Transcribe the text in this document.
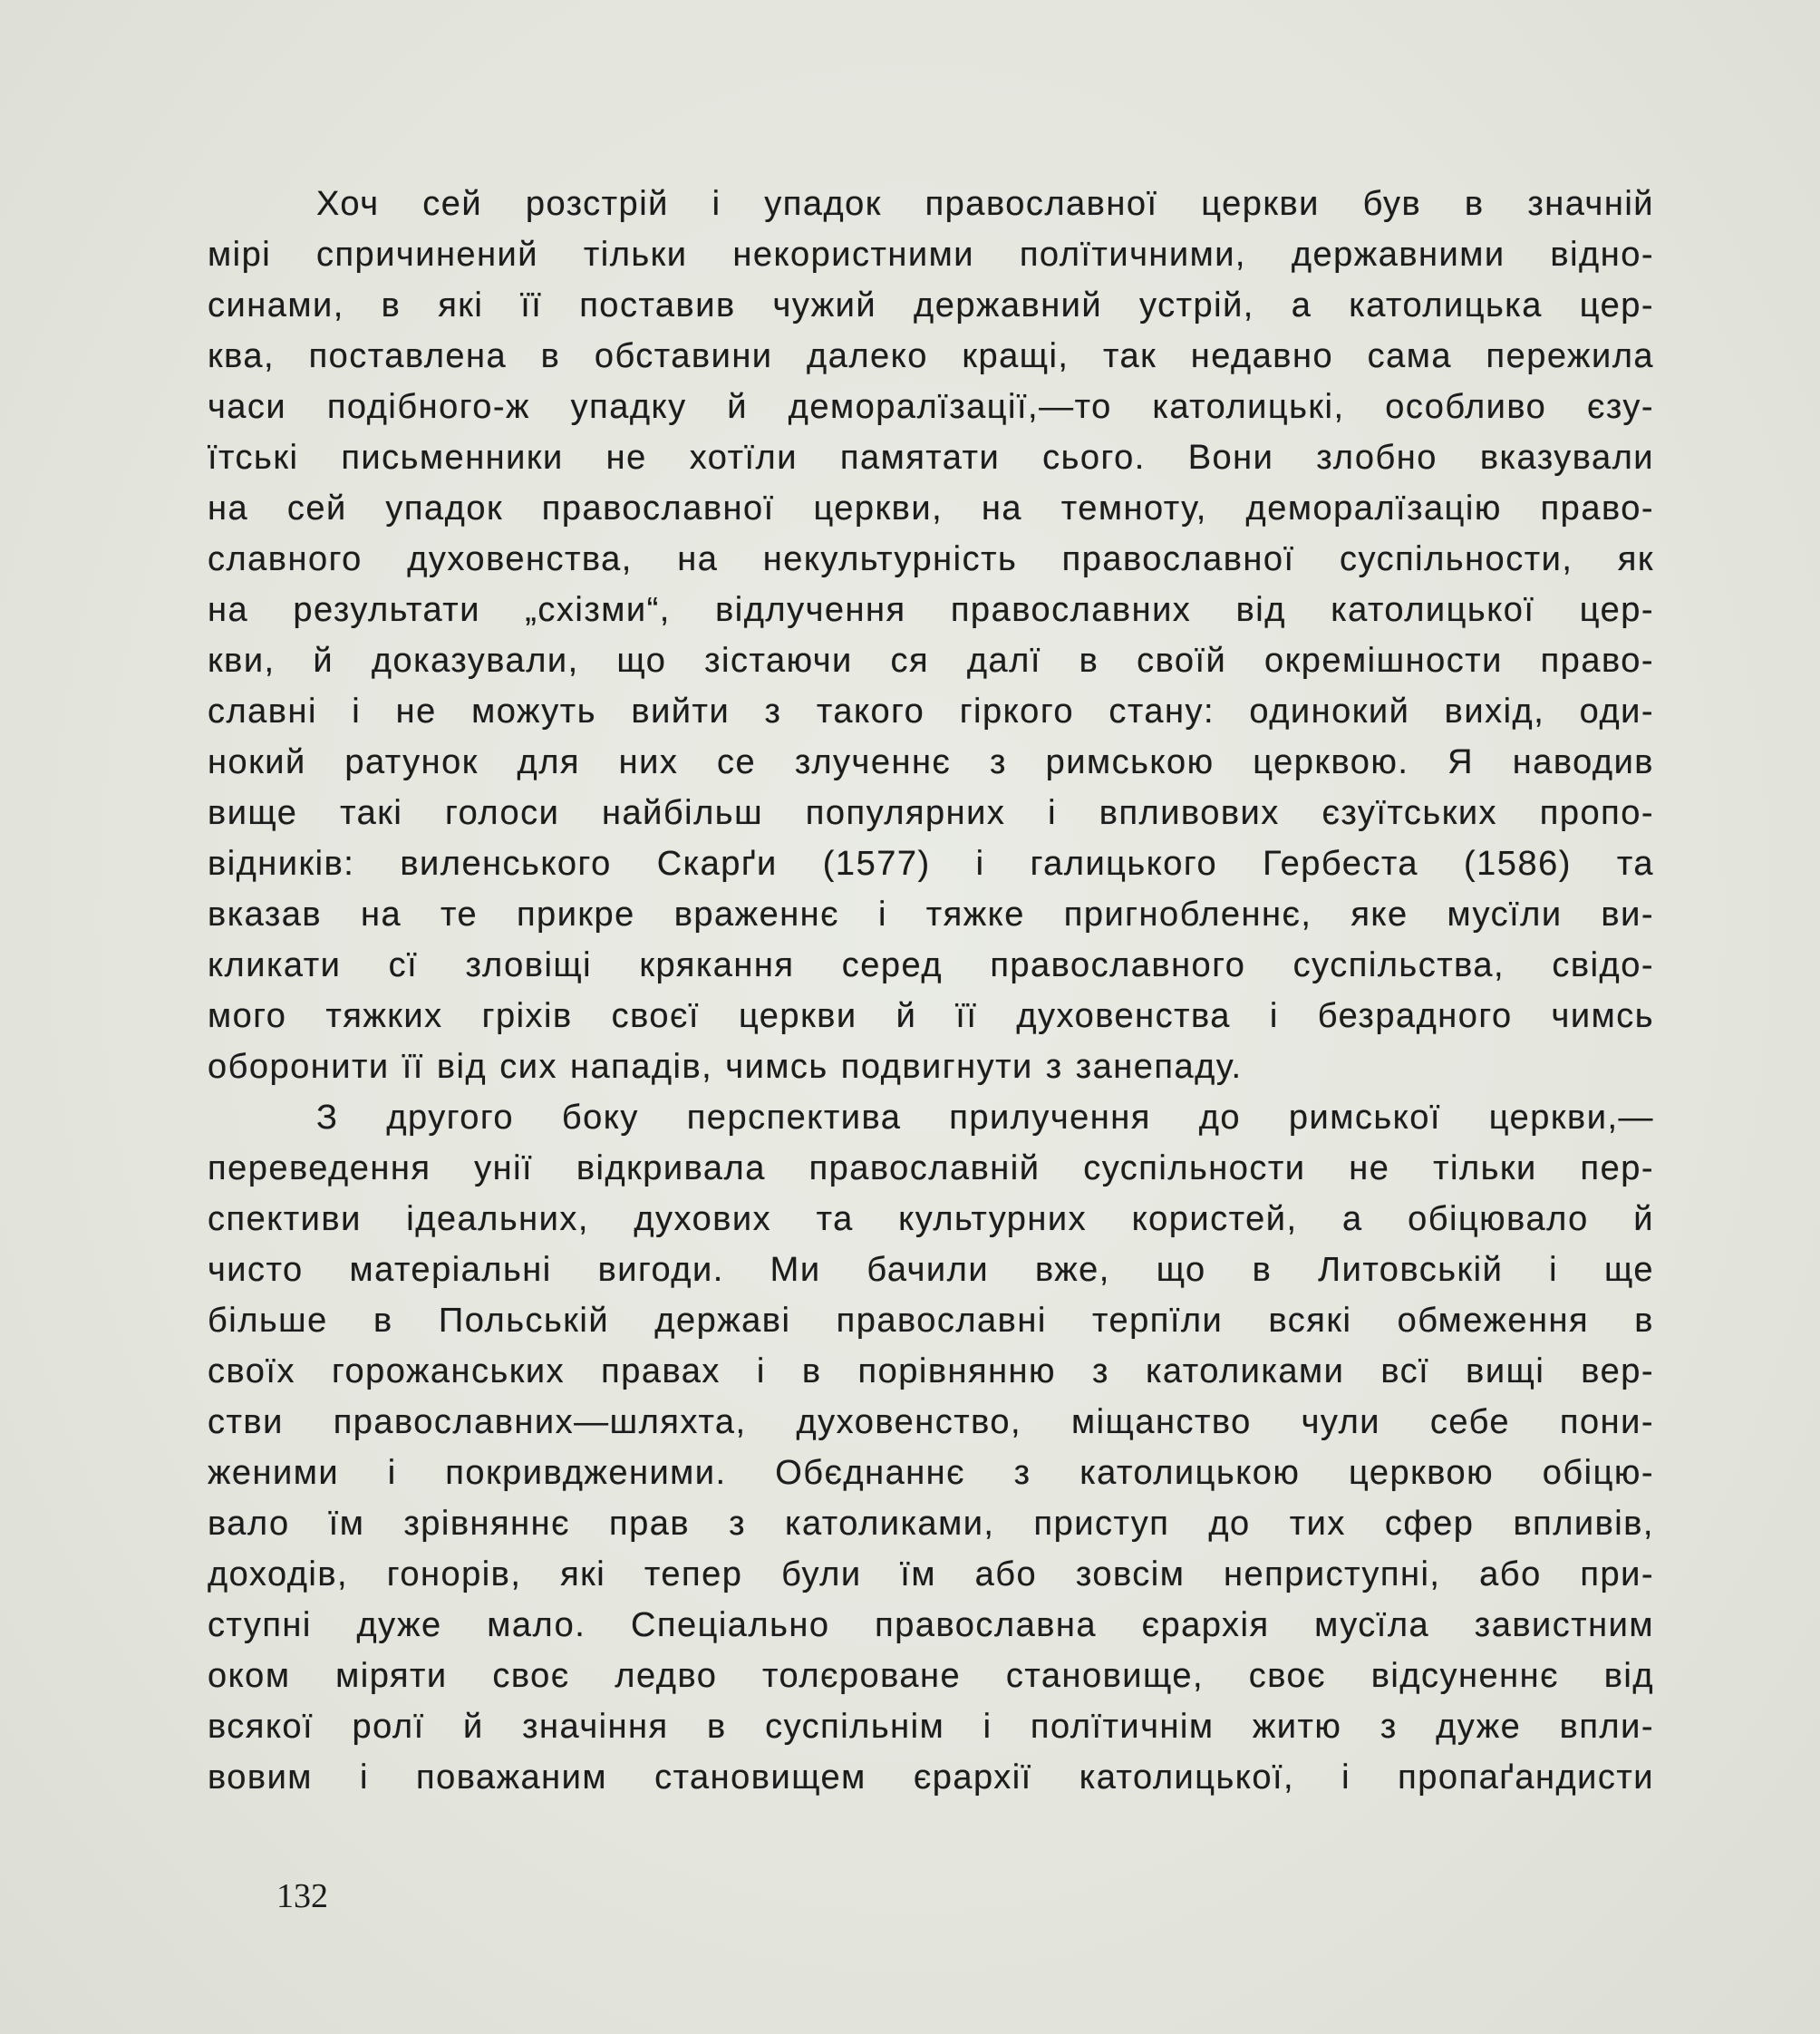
Хоч сей розстрій і упадок православної церкви був в значній
мірі спричинений тільки некористними полїтичними, державними відно-
синами, в які її поставив чужий державний устрій, а католицька цер-
ква, поставлена в обставини далеко кращі, так недавно сама пережила
часи подібного-ж упадку й деморалїзації,—то католицькі, особливо єзу-
їтські письменники не хотїли памятати сього. Вони злобно вказували
на сей упадок православної церкви, на темноту, деморалїзацію право-
славного духовенства, на некультурність православної суспільности, як
на результати „схізми“, відлучення православних від католицької цер-
кви, й доказували, що зістаючи ся далї в своїй окремішности право-
славні і не можуть вийти з такого гіркого стану: одинокий вихід, оди-
нокий ратунок для них се злученнє з римською церквою. Я наводив
вище такі голоси найбільш популярних і впливових єзуїтських пропо-
відників: виленського Скарґи (1577) і галицького Гербеста (1586) та
вказав на те прикре враженнє і тяжке пригнобленнє, яке мусїли ви-
кликати сї зловіщі крякання серед православного суспільства, свідо-
мого тяжких гріхів своєї церкви й її духовенства і безрадного чимсь
оборонити її від сих нападів, чимсь подвигнути з занепаду.
З другого боку перспектива прилучення до римської церкви,—
переведення унії відкривала православній суспільности не тільки пер-
спективи ідеальних, духових та культурних користей, а обіцювало й
чисто матеріальні вигоди. Ми бачили вже, що в Литовській і ще
більше в Польській державі православні терпїли всякі обмеження в
своїх горожанських правах і в порівнянню з католиками всї вищі вер-
стви православних—шляхта, духовенство, міщанство чули себе пони-
женими і покривдженими. Обєднаннє з католицькою церквою обіцю-
вало їм зрівняннє прав з католиками, приступ до тих сфер впливів,
доходів, гонорів, які тепер були їм або зовсім неприступні, або при-
ступні дуже мало. Спеціально православна єрархія мусїла завистним
оком міряти своє ледво толєроване становище, своє відсуненнє від
всякої ролї й значіння в суспільнім і полїтичнім житю з дуже впли-
вовим і поважаним становищем єрархії католицької, і пропаґандисти
132
